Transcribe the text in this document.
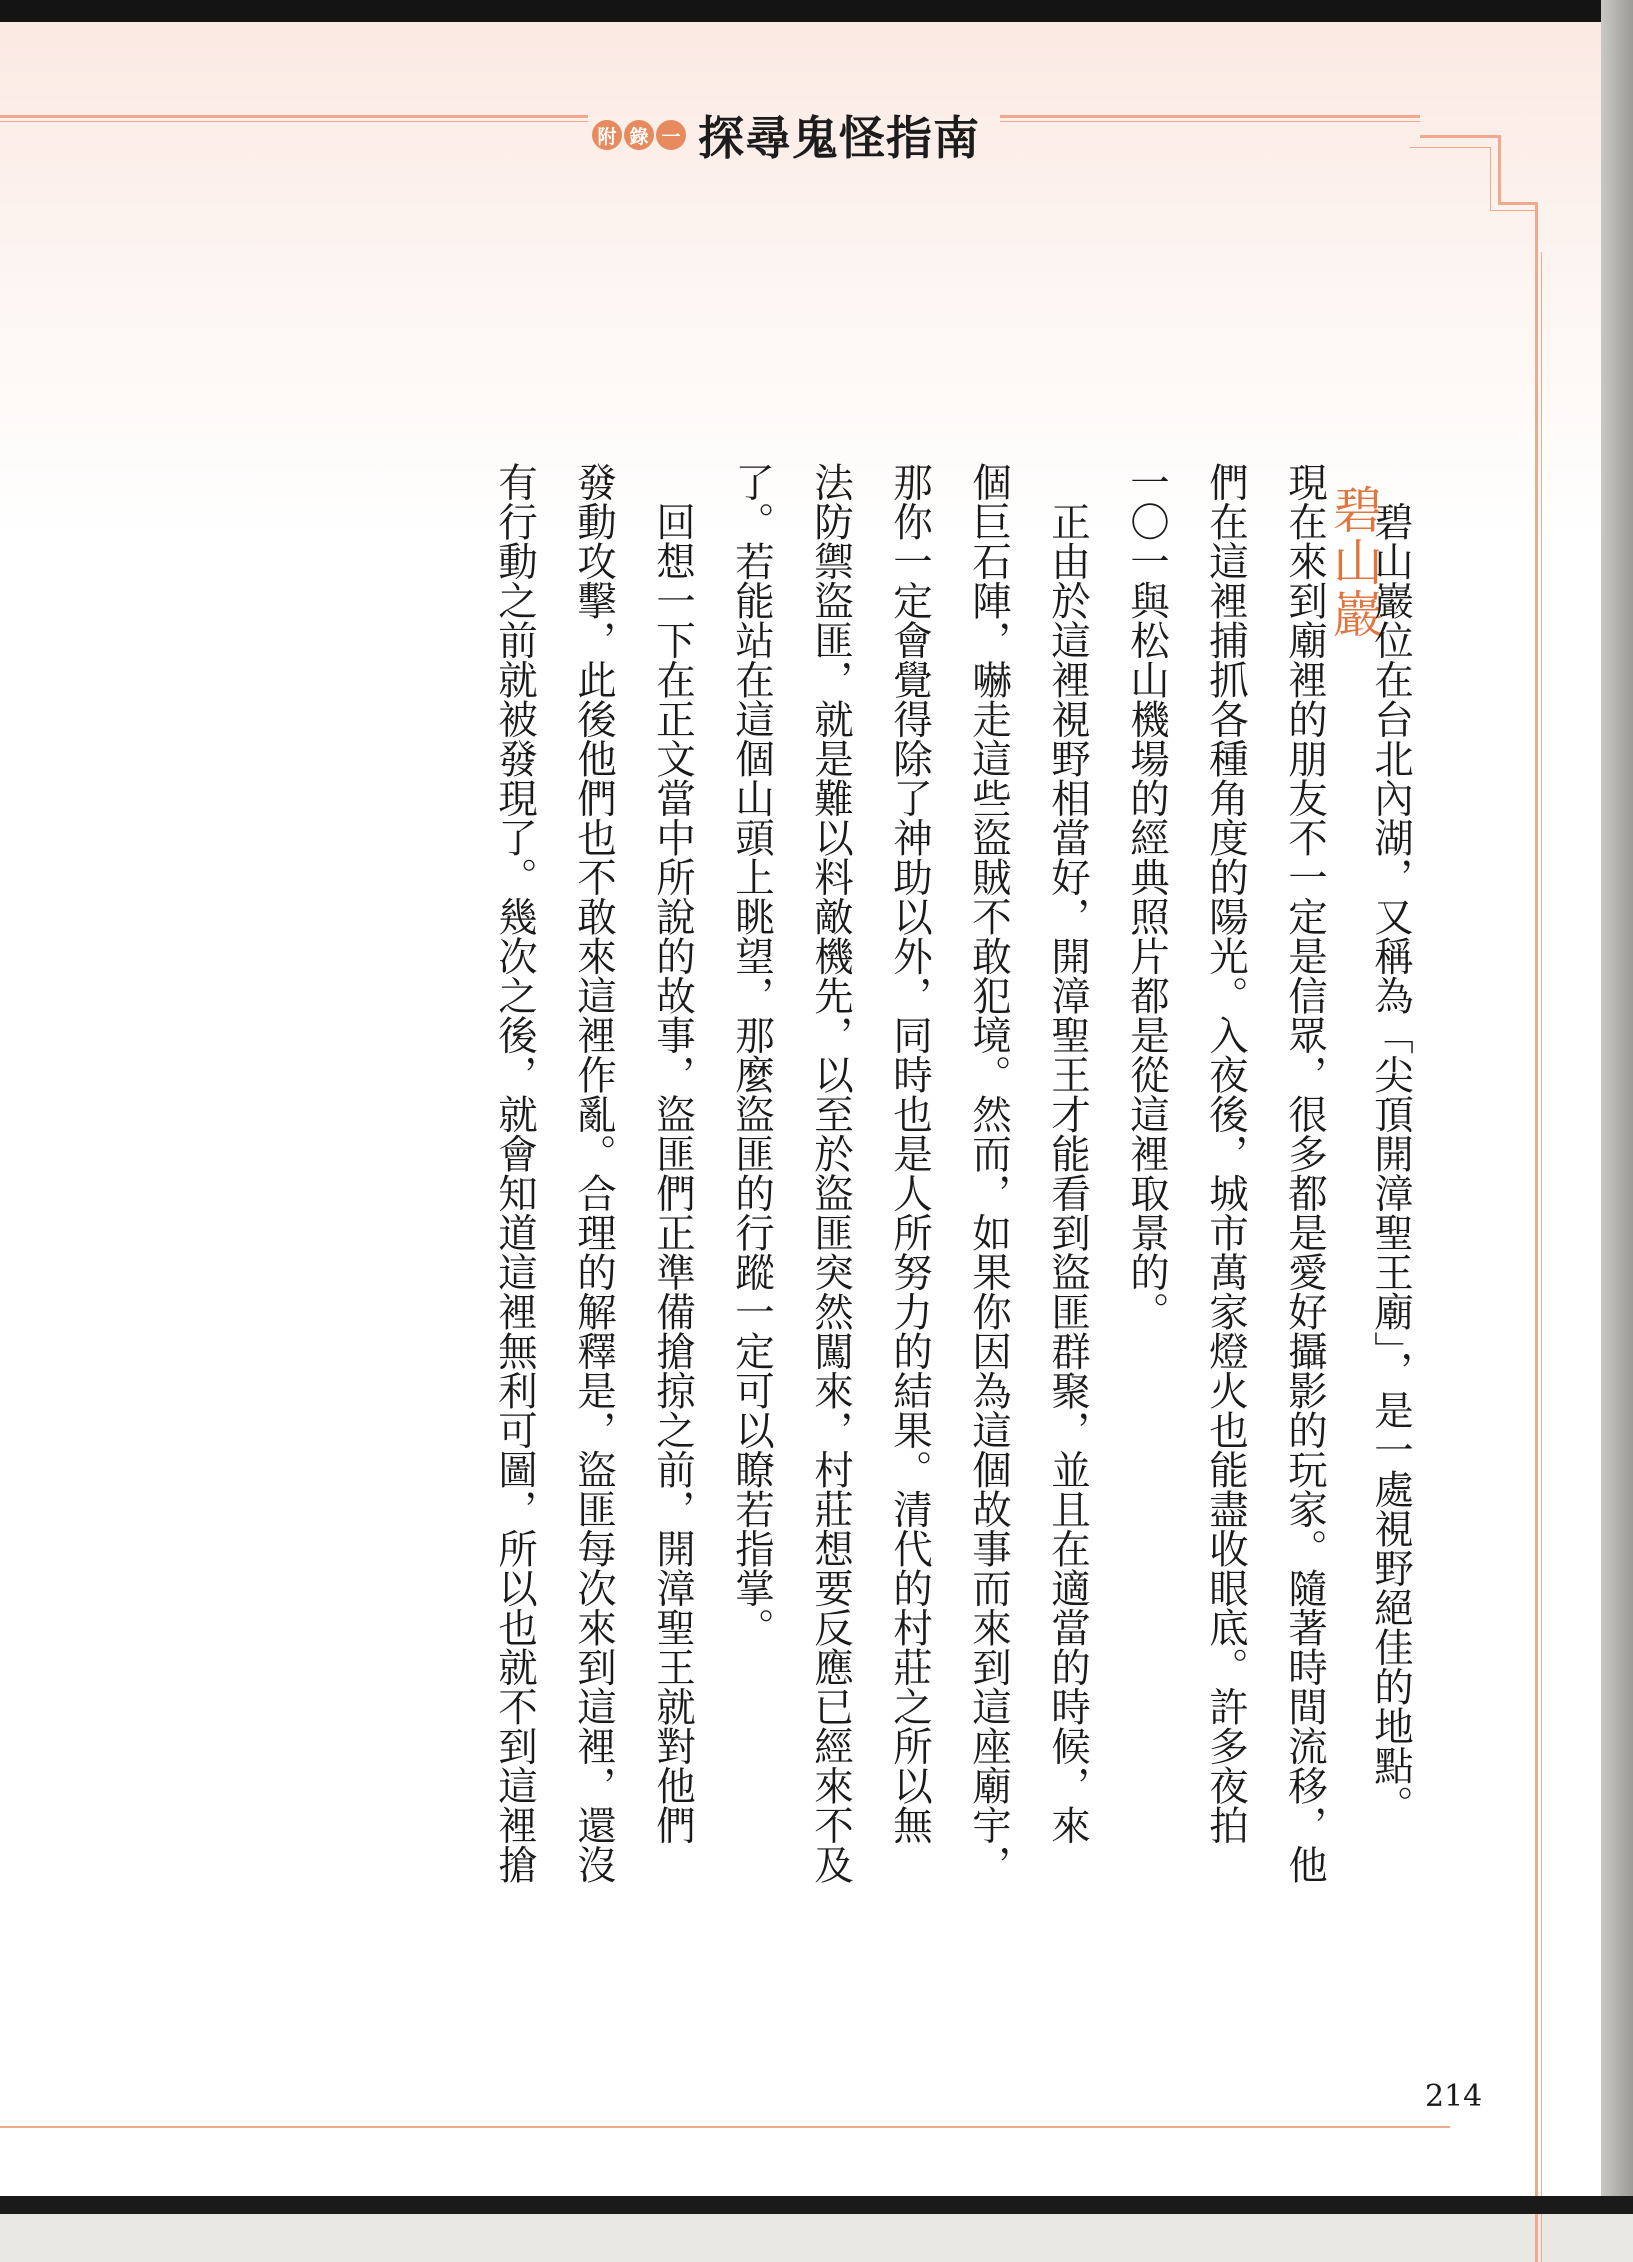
附 錄 一 探尋鬼怪指南
碧山巖
　碧山巖位在台北內湖，又稱為「尖頂開漳聖王廟」，是一處視野絕佳的地點。
現在來到廟裡的朋友不一定是信眾，很多都是愛好攝影的玩家。隨著時間流移，他
們在這裡捕抓各種角度的陽光。入夜後，城市萬家燈火也能盡收眼底。許多夜拍
一〇一與松山機場的經典照片都是從這裡取景的。
　正由於這裡視野相當好，開漳聖王才能看到盜匪群聚，並且在適當的時候，來
個巨石陣，嚇走這些盜賊不敢犯境。然而，如果你因為這個故事而來到這座廟宇，
那你一定會覺得除了神助以外，同時也是人所努力的結果。清代的村莊之所以無
法防禦盜匪，就是難以料敵機先，以至於盜匪突然闖來，村莊想要反應已經來不及
了。若能站在這個山頭上眺望，那麼盜匪的行蹤一定可以瞭若指掌。
　回想一下在正文當中所說的故事，盜匪們正準備搶掠之前，開漳聖王就對他們
發動攻擊，此後他們也不敢來這裡作亂。合理的解釋是，盜匪每次來到這裡，還沒
有行動之前就被發現了。幾次之後，就會知道這裡無利可圖，所以也就不到這裡搶
214
